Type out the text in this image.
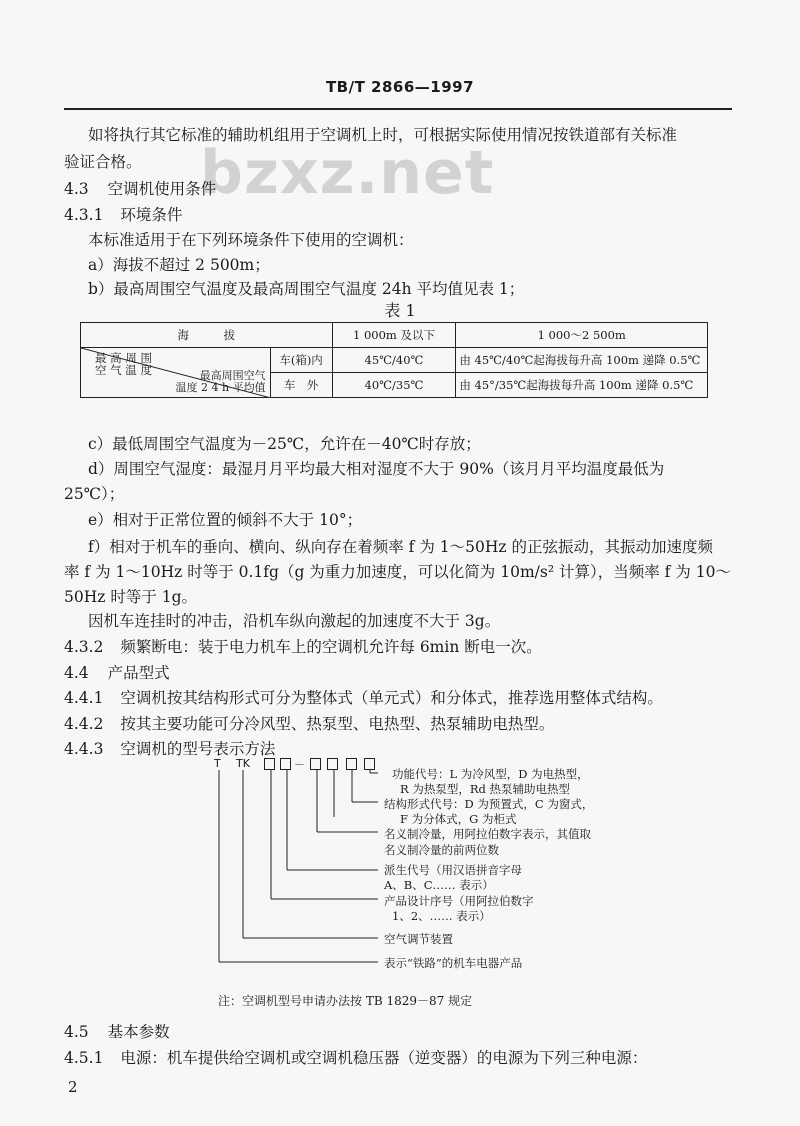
TB/T 2866—1997
bzxz.net
如将执行其它标准的辅助机组用于空调机上时，可根据实际使用情况按铁道部有关标准
验证合格。
4.3 空调机使用条件
4.3.1 环境条件
本标准适用于在下列环境条件下使用的空调机：
a）海拔不超过 2 500m；
b）最高周围空气温度及最高周围空气温度 24h 平均值见表 1；
表 1
海　　　拔		1 000m 及以下	1 000～2 500m

最 高 周 围
空 气 温 度 最高周围空气
温度 2 4 h 平均值	车(箱)内	45℃/40℃	由 45℃/40℃起海拔每升高 100m 递降 0.5℃
	车　外	40℃/35℃	由 45°/35℃起海拔每升高 100m 递降 0.5℃
c）最低周围空气温度为－25℃，允许在－40℃时存放；
d）周围空气湿度：最湿月月平均最大相对湿度不大于 90%（该月月平均温度最低为
25℃）；
e）相对于正常位置的倾斜不大于 10°；
f）相对于机车的垂向、横向、纵向存在着频率 f 为 1～50Hz 的正弦振动，其振动加速度频
率 f 为 1～10Hz 时等于 0.1fg（g 为重力加速度，可以化简为 10m/s² 计算），当频率 f 为 10～
50Hz 时等于 1g。
因机车连挂时的冲击，沿机车纵向激起的加速度不大于 3g。
4.3.2 频繁断电：装于电力机车上的空调机允许每 6min 断电一次。
4.4 产品型式
4.4.1 空调机按其结构形式可分为整体式（单元式）和分体式，推荐选用整体式结构。
4.4.2 按其主要功能可分冷风型、热泵型、电热型、热泵辅助电热型。
4.4.3 空调机的型号表示方法
T TK	－
功能代号：L 为冷风型，D 为电热型，
R 为热泵型，Rd 热泵辅助电热型
结构形式代号：D 为预置式，C 为窗式，
F 为分体式，G 为柜式
名义制冷量，用阿拉伯数字表示，其值取
名义制冷量的前两位数
派生代号（用汉语拼音字母
A、B、C…… 表示）
产品设计序号（用阿拉伯数字
1、2、…… 表示）
空气调节装置
表示“铁路”的机车电器产品
注：空调机型号申请办法按 TB 1829－87 规定
4.5 基本参数
4.5.1 电源：机车提供给空调机或空调机稳压器（逆变器）的电源为下列三种电源：
2
